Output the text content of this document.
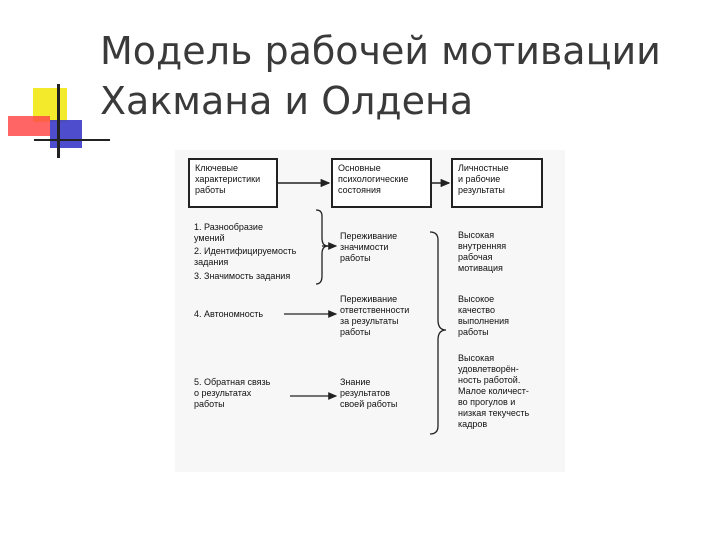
Модель рабочей мотивации
Хакмана и Олдена
Ключевые
характеристики
работы
Основные
психологические
состояния
Личностные
и рабочие
результаты
1. Разнообразие
умений
2. Идентифицируемость
задания
3. Значимость задания
4. Автономность
5. Обратная связь
о результатах
работы
Переживание
значимости
работы
Переживание
ответственности
за результаты
работы
Знание
результатов
своей работы
Высокая
внутренняя
рабочая
мотивация
Высокое
качество
выполнения
работы
Высокая
удовлетворён-
ность работой.
Малое количест-
во прогулов и
низкая текучесть
кадров
